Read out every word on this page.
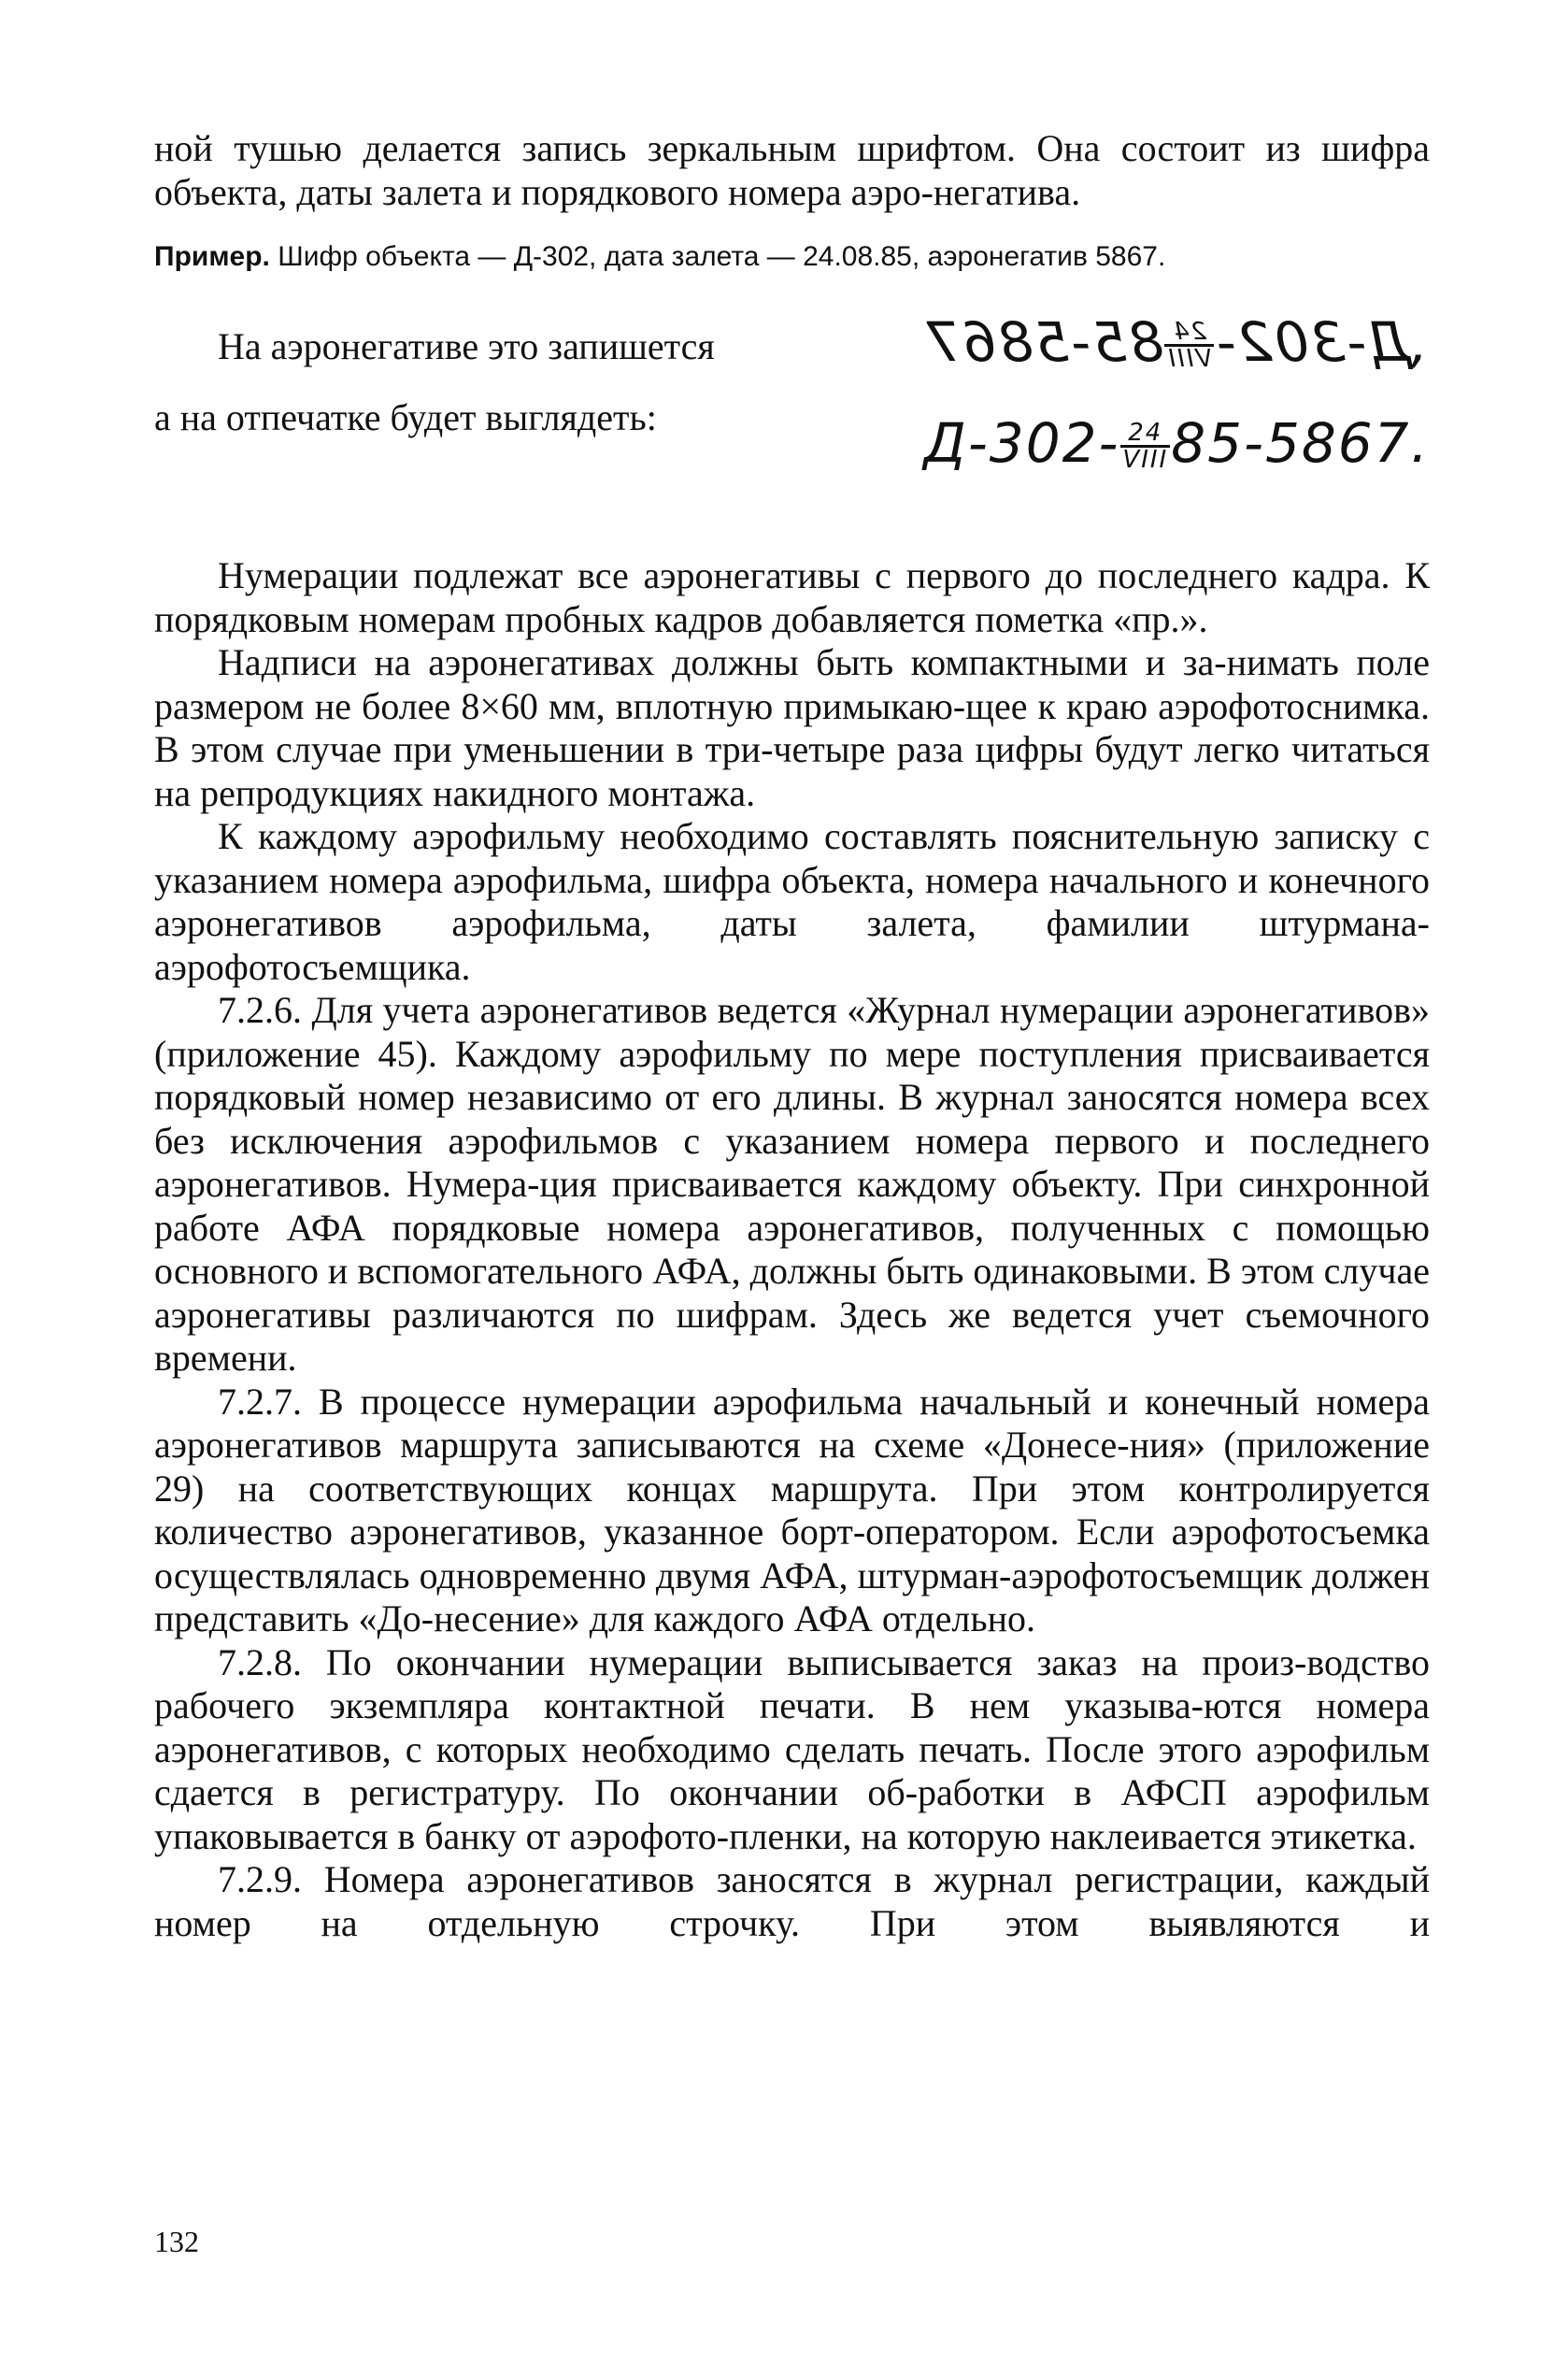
ной тушью делается запись зеркальным шрифтом. Она состоит из шифра объекта, даты залета и порядкового номера аэро-негатива.

Пример. Шифр объекта — Д-302, дата залета — 24.08.85, аэронегатив 5867.
На аэронегативе это запишется
а на отпечатке будет выглядеть:
Д-302-
$\frac{24}{\text{VIII}}$
85-5867	,
$Д-302- \frac{24}{\text{VIII}} 85-5867$.

Нумерации подлежат все аэронегативы с первого до последнего кадра. К порядковым номерам пробных кадров добавляется пометка «пр.».

Надписи на аэронегативах должны быть компактными и за-нимать поле размером не более 8×60 мм, вплотную примыкаю-щее к краю аэрофотоснимка. В этом случае при уменьшении в три-четыре раза цифры будут легко читаться на репродукциях накидного монтажа.

К каждому аэрофильму необходимо составлять пояснительную записку с указанием номера аэрофильма, шифра объекта, номера начального и конечного аэронегативов аэрофильма, даты залета, фамилии штурмана-аэрофотосъемщика.

7.2.6. Для учета аэронегативов ведется «Журнал нумерации аэронегативов» (приложение 45). Каждому аэрофильму по мере поступления присваивается порядковый номер независимо от его длины. В журнал заносятся номера всех без исключения аэрофильмов с указанием номера первого и последнего аэронегативов. Нумера-ция присваивается каждому объекту. При синхронной работе АФА порядковые номера аэронегативов, полученных с помощью основного и вспомогательного АФА, должны быть одинаковыми. В этом случае аэронегативы различаются по шифрам. Здесь же ведется учет съемочного времени.

7.2.7. В процессе нумерации аэрофильма начальный и конечный номера аэронегативов маршрута записываются на схеме «Донесе-ния» (приложение 29) на соответствующих концах маршрута. При этом контролируется количество аэронегативов, указанное борт-оператором. Если аэрофотосъемка осуществлялась одновременно двумя АФА, штурман-аэрофотосъемщик должен представить «До-несение» для каждого АФА отдельно.

7.2.8. По окончании нумерации выписывается заказ на произ-водство рабочего экземпляра контактной печати. В нем указыва-ются номера аэронегативов, с которых необходимо сделать печать. После этого аэрофильм сдается в регистратуру. По окончании об-работки в АФСП аэрофильм упаковывается в банку от аэрофото-пленки, на которую наклеивается этикетка.

7.2.9. Номера аэронегативов заносятся в журнал регистрации, каждый номер на отдельную строчку. При этом выявляются и

132
